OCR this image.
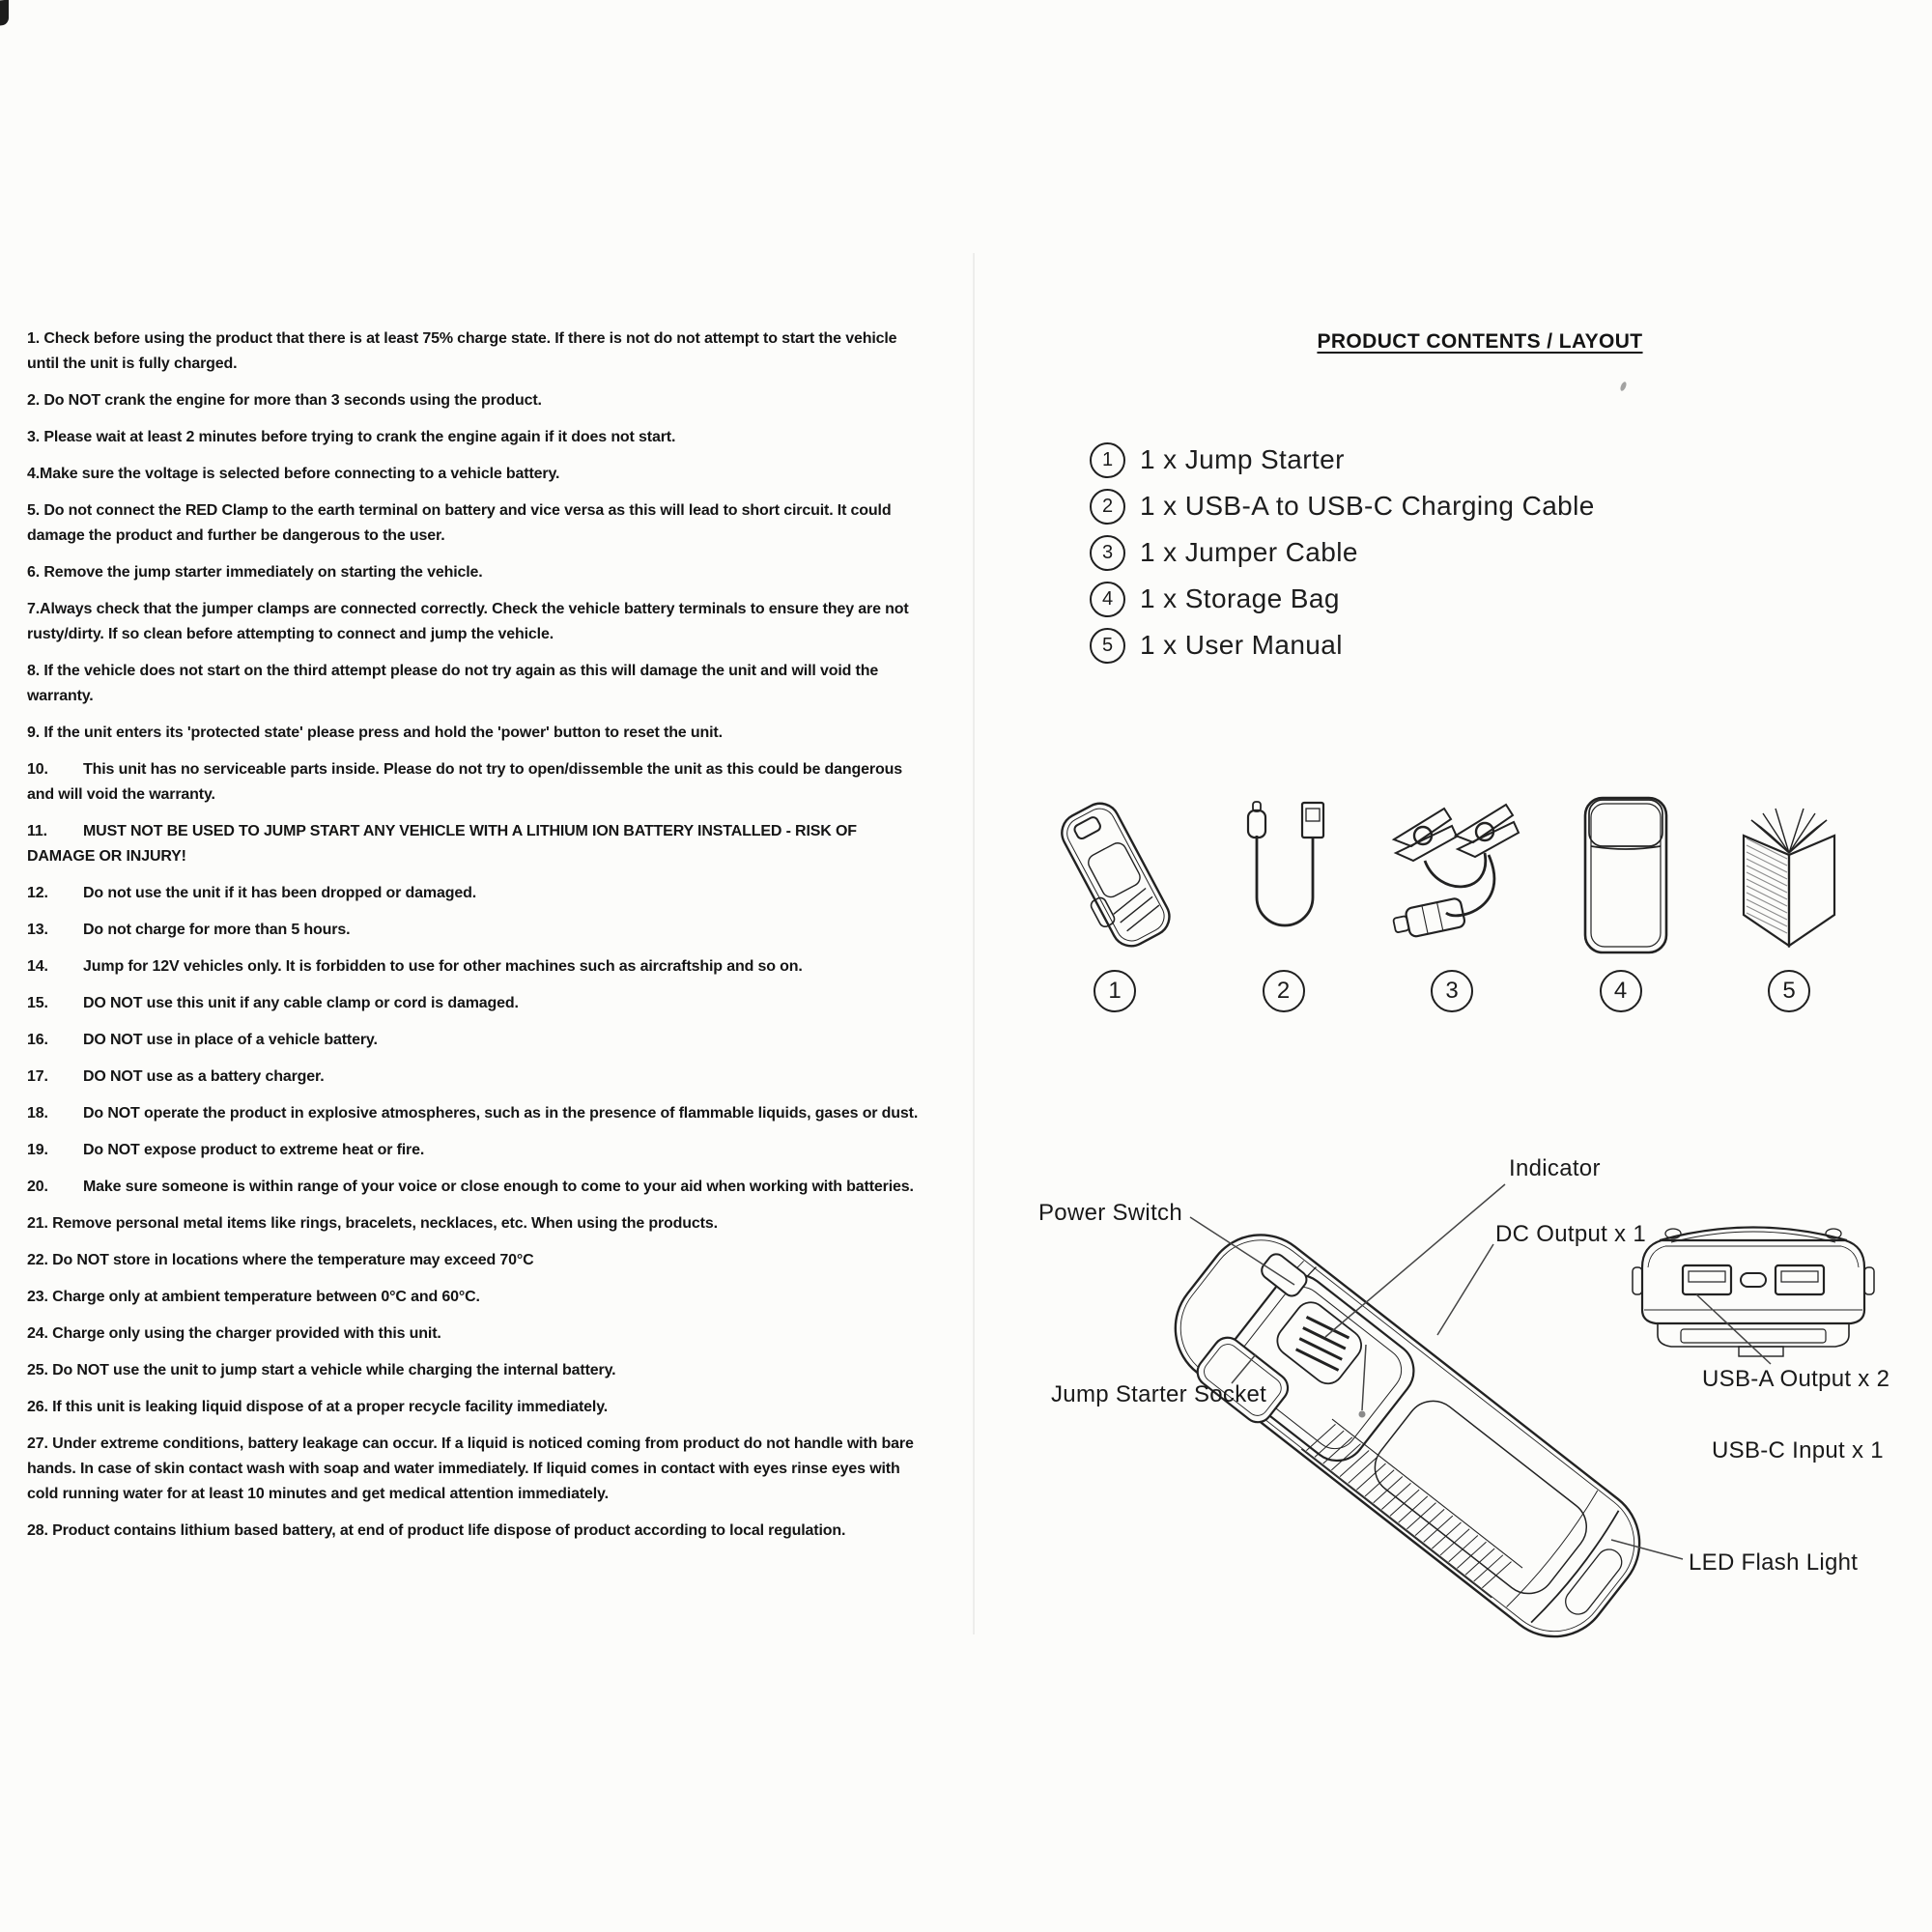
1. Check before using the product that there is at least 75% charge state. If there is not do not attempt to start the vehicle until the unit is fully charged.

2. Do NOT crank the engine for more than 3 seconds using the product.

3. Please wait at least 2 minutes before trying to crank the engine again if it does not start.

4.Make sure the voltage is selected before connecting to a vehicle battery.

5. Do not connect the RED Clamp to the earth terminal on battery and vice versa as this will lead to short circuit. It could damage the product and further be dangerous to the user.

6. Remove the jump starter immediately on starting the vehicle.

7.Always check that the jumper clamps are connected correctly. Check the vehicle battery terminals to ensure they are not rusty/dirty. If so clean before attempting to connect and jump the vehicle.

8. If the vehicle does not start on the third attempt please do not try again as this will damage the unit and will void the warranty.

9. If the unit enters its 'protected state' please press and hold the 'power' button to reset the unit.

10. This unit has no serviceable parts inside. Please do not try to open/dissemble the unit as this could be dangerous and will void the warranty.

11. MUST NOT BE USED TO JUMP START ANY VEHICLE WITH A LITHIUM ION BATTERY INSTALLED - RISK OF DAMAGE OR INJURY!

12. Do not use the unit if it has been dropped or damaged.

13. Do not charge for more than 5 hours.

14. Jump for 12V vehicles only. It is forbidden to use for other machines such as aircraftship and so on.

15. DO NOT use this unit if any cable clamp or cord is damaged.

16. DO NOT use in place of a vehicle battery.

17. DO NOT use as a battery charger.

18. Do NOT operate the product in explosive atmospheres, such as in the presence of flammable liquids, gases or dust.

19. Do NOT expose product to extreme heat or fire.

20. Make sure someone is within range of your voice or close enough to come to your aid when working with batteries.

21. Remove personal metal items like rings, bracelets, necklaces, etc. When using the products.

22. Do NOT store in locations where the temperature may exceed 70°C

23. Charge only at ambient temperature between 0°C and 60°C.

24. Charge only using the charger provided with this unit.

25. Do NOT use the unit to jump start a vehicle while charging the internal battery.

26. If this unit is leaking liquid dispose of at a proper recycle facility immediately.

27. Under extreme conditions, battery leakage can occur. If a liquid is noticed coming from product do not handle with bare hands. In case of skin contact wash with soap and water immediately. If liquid comes in contact with eyes rinse eyes with cold running water for at least 10 minutes and get medical attention immediately.

28. Product contains lithium based battery, at end of product life dispose of product according to local regulation.

PRODUCT CONTENTS / LAYOUT
1 1 x Jump Starter
2 1 x USB-A to USB-C Charging Cable
3 1 x Jumper Cable
4 1 x Storage Bag
5 1 x User Manual
1	2	3	4	5
Power Switch
Indicator
DC Output x 1
Jump Starter Socket
USB-A Output x 2
USB-C Input x 1
LED Flash Light
